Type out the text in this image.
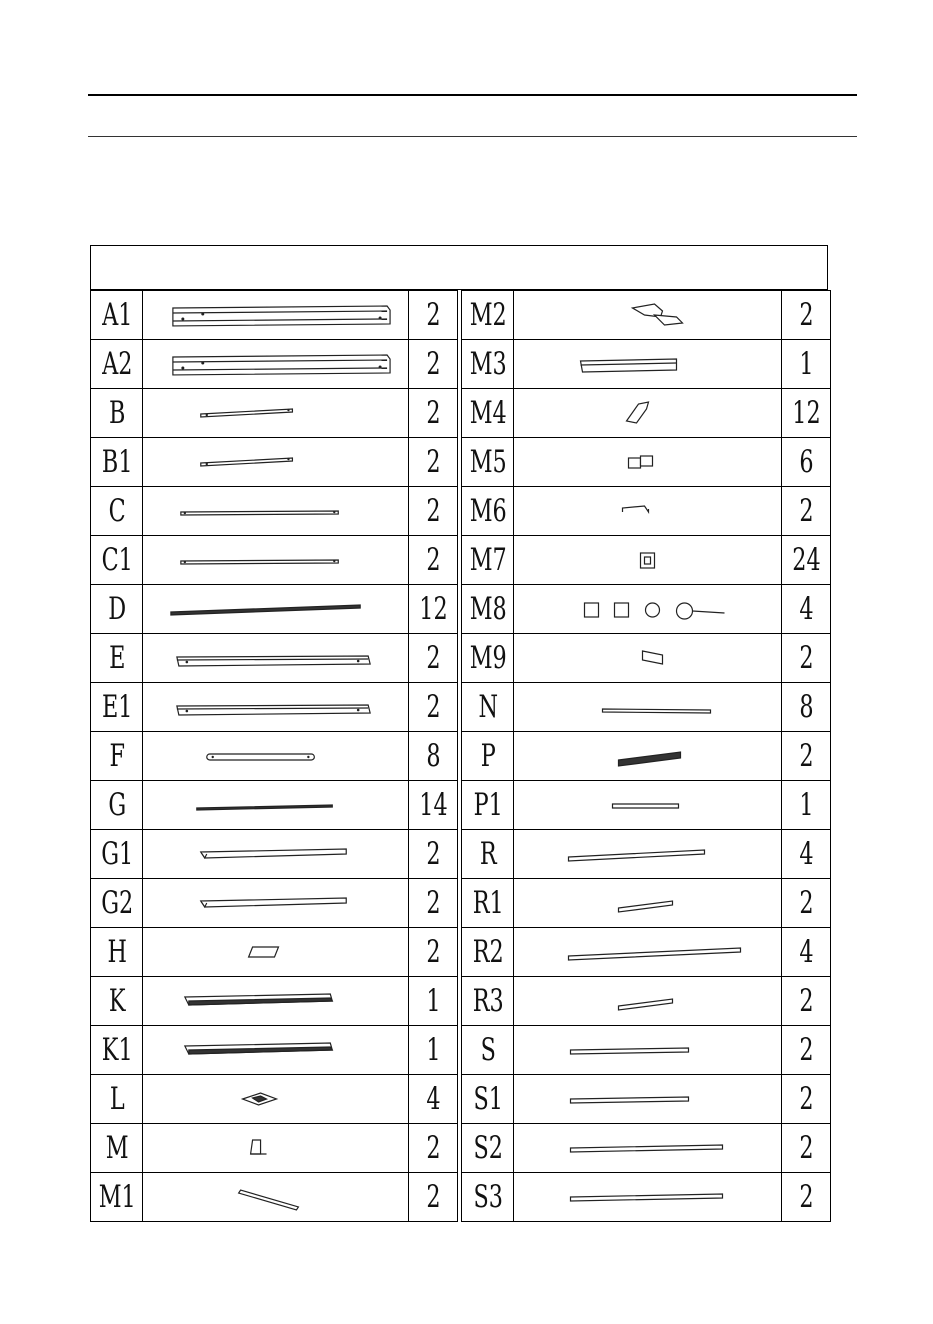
A1		2
A2		2
B		2
B1		2
C		2
C1		2
D		12
E		2
E1		2
F		8
G		14
G1		2
G2		2
H		2
K		1
K1		1
L		4
M		2
M1		2
M2		2
M3		1
M4		12
M5		6
M6		2
M7		24
M8		4
M9		2
N		8
P		2
P1		1
R		4
R1		2
R2		4
R3		2
S		2
S1		2
S2		2
S3		2
